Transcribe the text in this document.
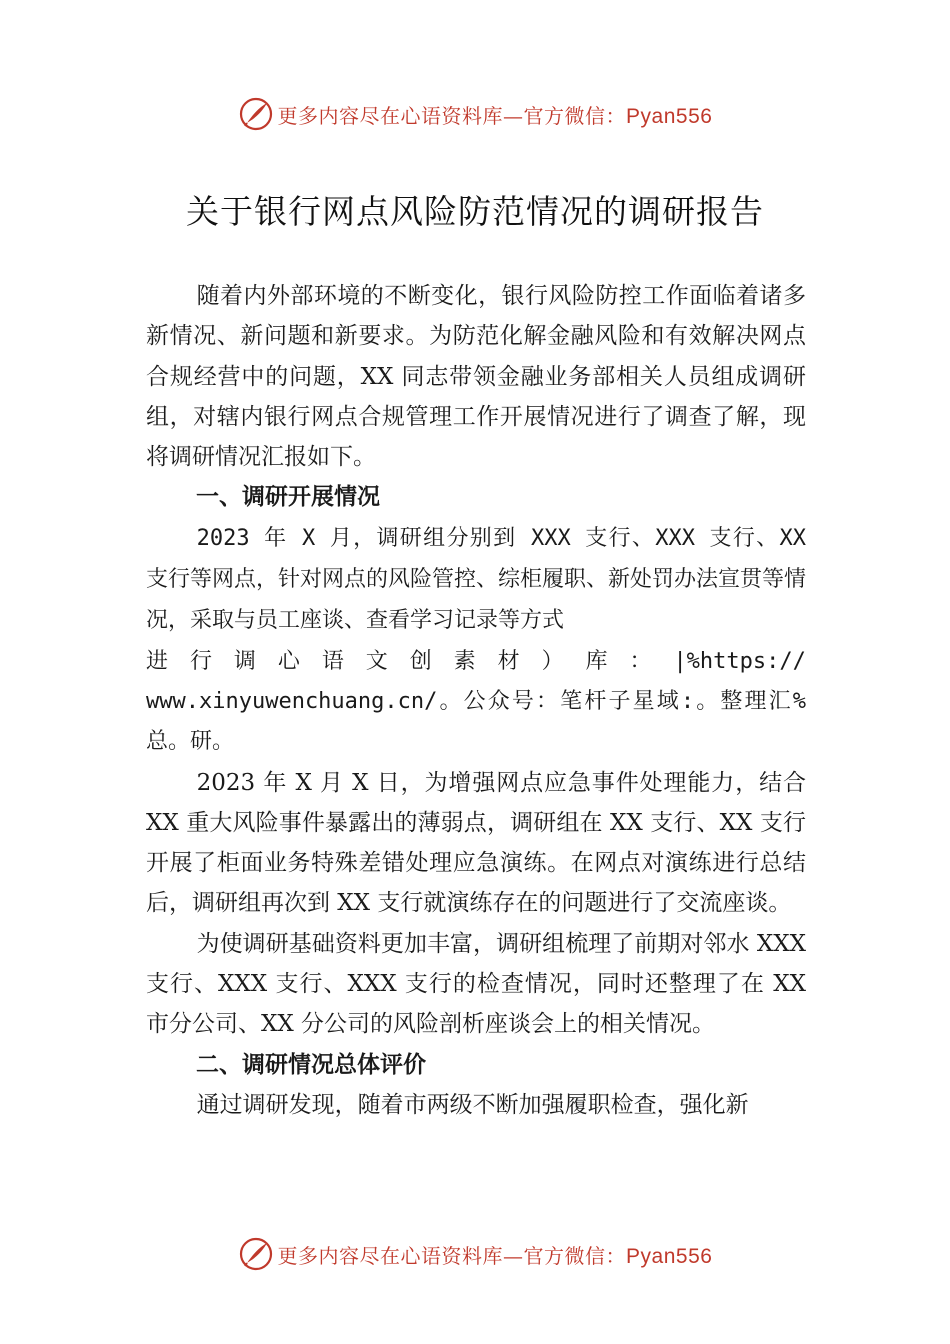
更多内容尽在心语资料库—官方微信：Pyan556
关于银行网点风险防范情况的调研报告

随着内外部环境的不断变化，银行风险防控工作面临着诸多新情况、新问题和新要求。为防范化解金融风险和有效解决网点合规经营中的问题，XX 同志带领金融业务部相关人员组成调研组，对辖内银行网点合规管理工作开展情况进行了调查了解，现将调研情况汇报如下。

一、调研开展情况

2023 年 X 月，调研组分别到 XXX 支行、XXX 支行、XX 支行等网点，针对网点的风险管控、综柜履职、新处罚办法宣贯等情况，采取与员工座谈、查看学习记录等方式

进 行 调 心 语 文 创 素 材 ） 库 ： |%https://

www.xinyuwenchuang.cn/。公众号：笔杆子星域:。整理汇%总。研。

2023 年 X 月 X 日，为增强网点应急事件处理能力，结合 XX 重大风险事件暴露出的薄弱点，调研组在 XX 支行、XX 支行开展了柜面业务特殊差错处理应急演练。在网点对演练进行总结后，调研组再次到 XX 支行就演练存在的问题进行了交流座谈。

为使调研基础资料更加丰富，调研组梳理了前期对邻水 XXX 支行、XXX 支行、XXX 支行的检查情况，同时还整理了在 XX 市分公司、XX 分公司的风险剖析座谈会上的相关情况。

二、调研情况总体评价

通过调研发现，随着市两级不断加强履职检查，强化新

更多内容尽在心语资料库—官方微信：Pyan556
